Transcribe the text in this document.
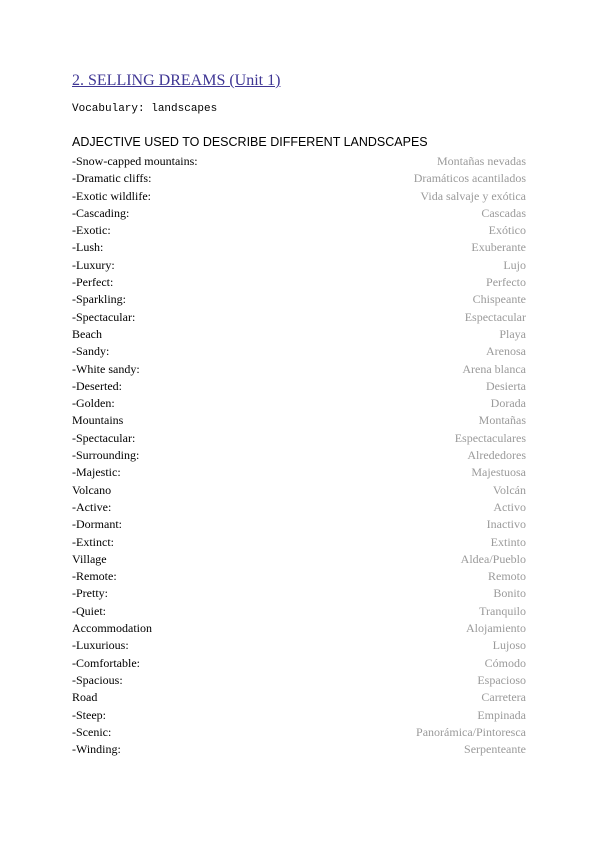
2. SELLING DREAMS (Unit 1)
Vocabulary: landscapes
ADJECTIVE USED TO DESCRIBE DIFFERENT LANDSCAPES
-Snow-capped mountains:	Montañas nevadas
-Dramatic cliffs:	Dramáticos acantilados
-Exotic wildlife:	Vida salvaje y exótica
-Cascading:	Cascadas
-Exotic:	Exótico
-Lush:	Exuberante
-Luxury:	Lujo
-Perfect:	Perfecto
-Sparkling:	Chispeante
-Spectacular:	Espectacular
Beach	Playa
-Sandy:	Arenosa
-White sandy:	Arena blanca
-Deserted:	Desierta
-Golden:	Dorada
Mountains	Montañas
-Spectacular:	Espectaculares
-Surrounding:	Alrededores
-Majestic:	Majestuosa
Volcano	Volcán
-Active:	Activo
-Dormant:	Inactivo
-Extinct:	Extinto
Village	Aldea/Pueblo
-Remote:	Remoto
-Pretty:	Bonito
-Quiet:	Tranquilo
Accommodation	Alojamiento
-Luxurious:	Lujoso
-Comfortable:	Cómodo
-Spacious:	Espacioso
Road	Carretera
-Steep:	Empinada
-Scenic:	Panorámica/Pintoresca
-Winding:	Serpenteante
